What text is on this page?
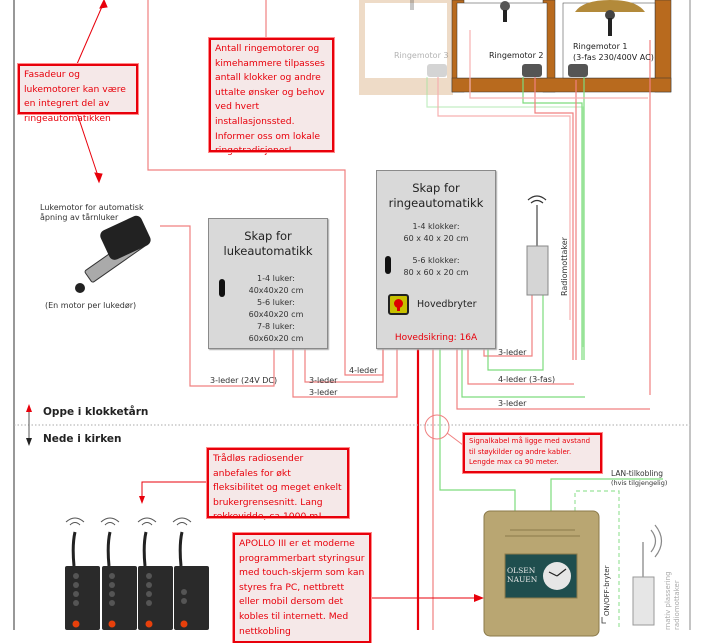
Ringemotor 3	Ringemotor 2
Ringemotor 1
(3-fas 230/400V AC)
Fasadeur og lukemotorer kan være en integrert del av ringeautomatikken
Antall ringemotorer og kimehammere tilpasses antall klokker og andre uttalte ønsker og behov ved hvert installasjonssted. Informer oss om lokale ringetradisjoner!
Trådløs radiosender anbefales for økt fleksibilitet og meget enkelt brukergrensesnitt. Lang rekkevidde, ca 1000 m!
APOLLO III er et moderne programmerbart styringsur med touch-skjerm som kan styres fra PC, nettbrett eller mobil dersom det kobles til internett. Med nettkobling
Signalkabel må ligge med avstand til støykilder og andre kabler. Lengde max ca 90 meter.
Lukemotor for automatisk
åpning av tårnluker
(En motor per lukedør)
Skap for
lukeautomatikk
1-4 luker:
40x40x20 cm
5-6 luker:
60x40x20 cm
7-8 luker:
60x60x20 cm
Skap for
ringeautomatikk
1-4 klokker:
60 x 40 x 20 cm
5-6 klokker:
80 x 60 x 20 cm
Hovedbryter
Hovedsikring: 16A
Radiomottaker
3-leder (24V DC)	3-leder
3-leder
4-leder
3-leder
4-leder (3-fas)
3-leder
Oppe i klokketårn
Nede i kirken
OLSEN
NAUEN
LAN-tilkobling
(hvis tilgjengelig)
ON/OFF-bryter	rnativ plassering radiomottaker
